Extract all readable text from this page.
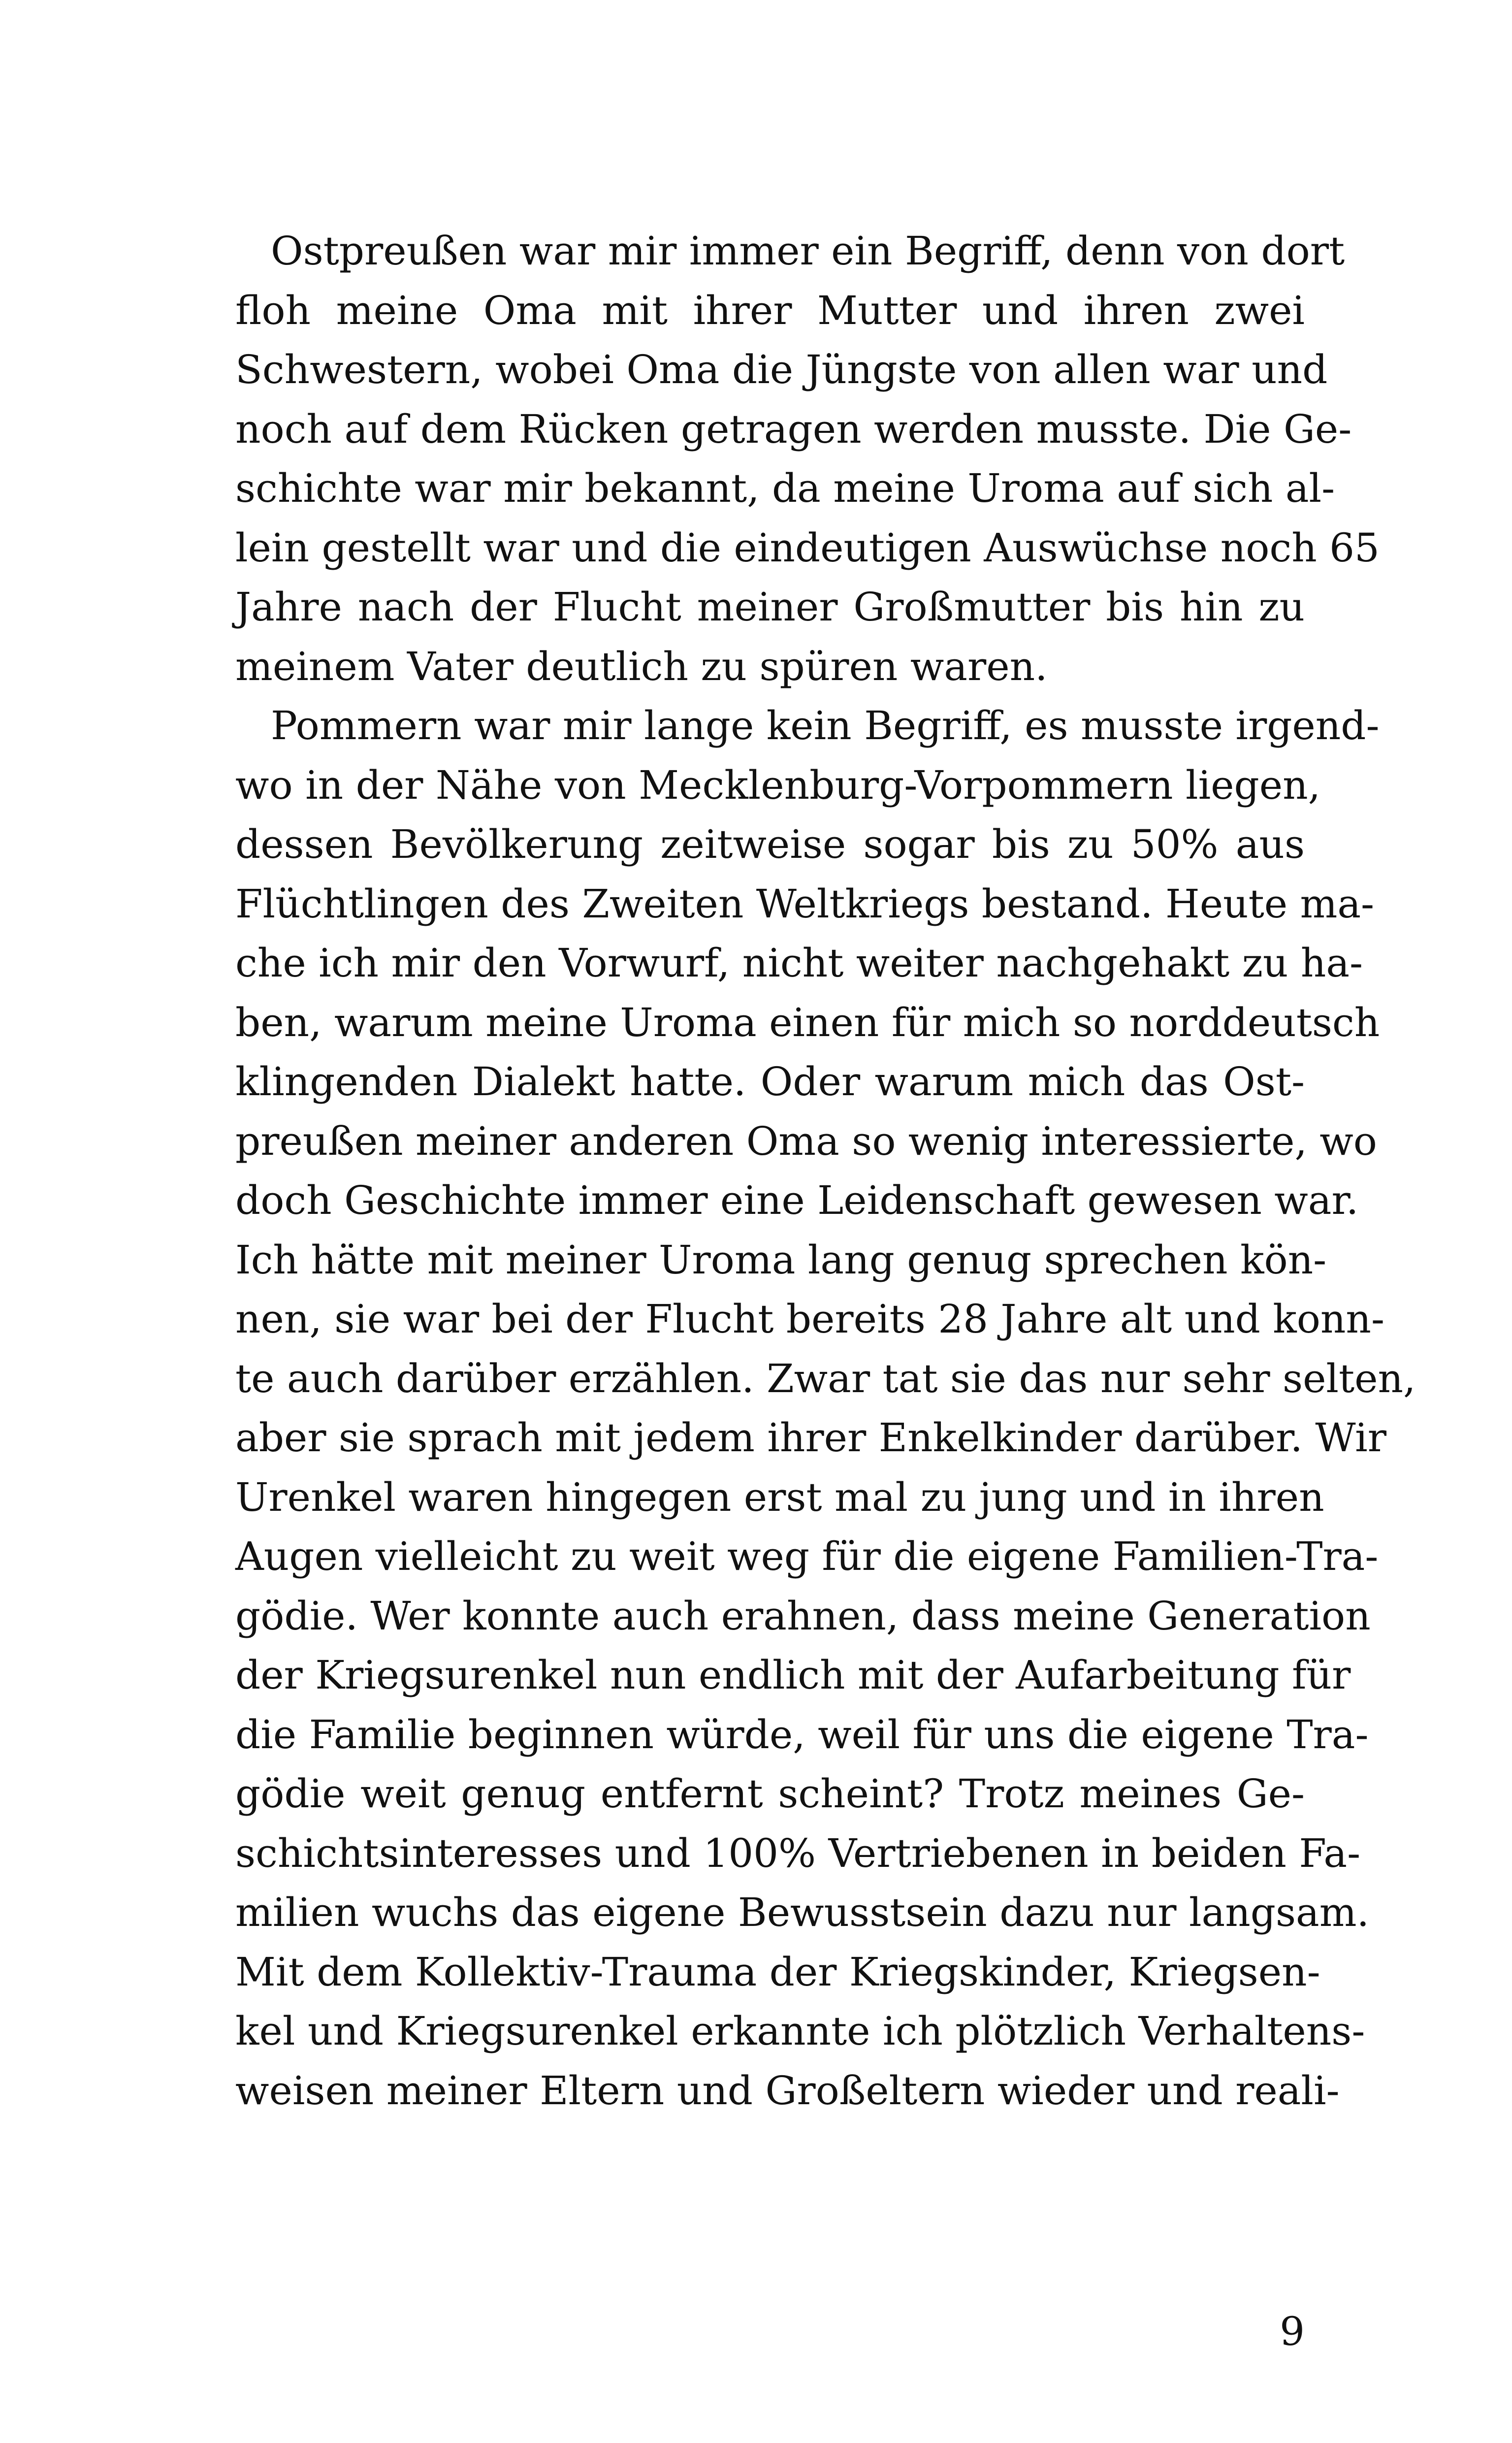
Ostpreußen war mir immer ein Begriff, denn von dort
floh meine Oma mit ihrer Mutter und ihren zwei
Schwestern, wobei Oma die Jüngste von allen war und
noch auf dem Rücken getragen werden musste. Die Ge-
schichte war mir bekannt, da meine Uroma auf sich al-
lein gestellt war und die eindeutigen Auswüchse noch 65
Jahre nach der Flucht meiner Großmutter bis hin zu
meinem Vater deutlich zu spüren waren.
Pommern war mir lange kein Begriff, es musste irgend-
wo in der Nähe von Mecklenburg-Vorpommern liegen,
dessen Bevölkerung zeitweise sogar bis zu 50% aus
Flüchtlingen des Zweiten Weltkriegs bestand. Heute ma-
che ich mir den Vorwurf, nicht weiter nachgehakt zu ha-
ben, warum meine Uroma einen für mich so norddeutsch
klingenden Dialekt hatte. Oder warum mich das Ost-
preußen meiner anderen Oma so wenig interessierte, wo
doch Geschichte immer eine Leidenschaft gewesen war.
Ich hätte mit meiner Uroma lang genug sprechen kön-
nen, sie war bei der Flucht bereits 28 Jahre alt und konn-
te auch darüber erzählen. Zwar tat sie das nur sehr selten,
aber sie sprach mit jedem ihrer Enkelkinder darüber. Wir
Urenkel waren hingegen erst mal zu jung und in ihren
Augen vielleicht zu weit weg für die eigene Familien-Tra-
gödie. Wer konnte auch erahnen, dass meine Generation
der Kriegsurenkel nun endlich mit der Aufarbeitung für
die Familie beginnen würde, weil für uns die eigene Tra-
gödie weit genug entfernt scheint? Trotz meines Ge-
schichtsinteresses und 100% Vertriebenen in beiden Fa-
milien wuchs das eigene Bewusstsein dazu nur langsam.
Mit dem Kollektiv-Trauma der Kriegskinder, Kriegsen-
kel und Kriegsurenkel erkannte ich plötzlich Verhaltens-
weisen meiner Eltern und Großeltern wieder und reali-
9
